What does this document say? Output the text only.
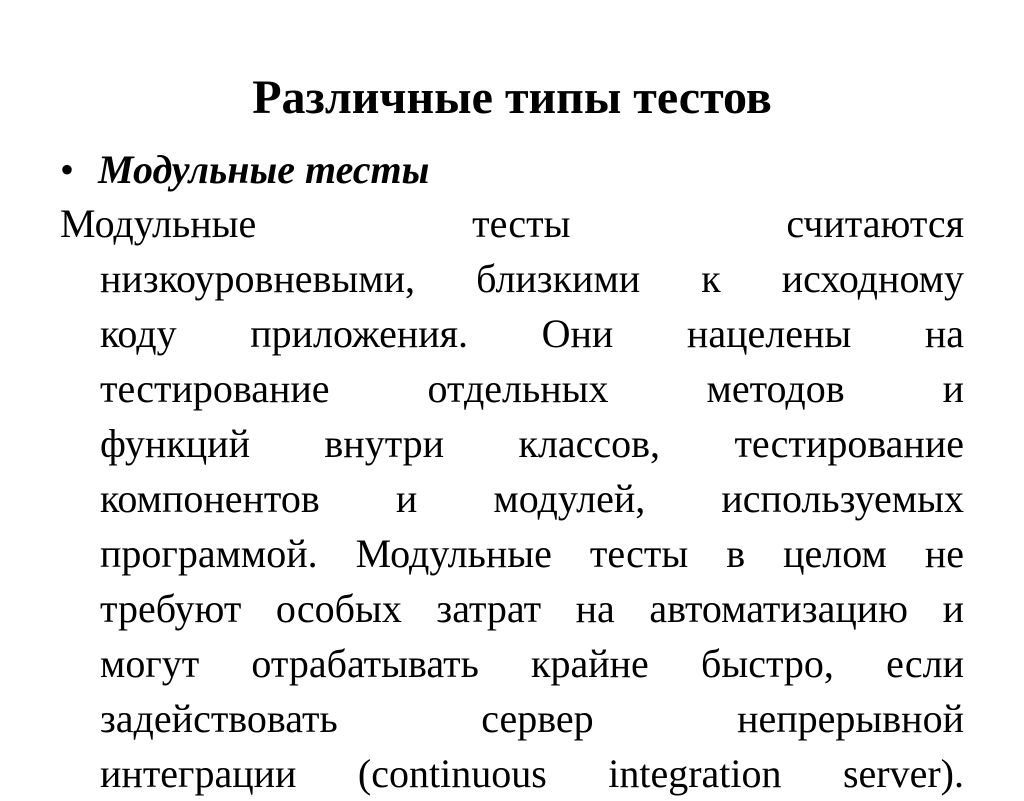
Различные типы тестов
• Модульные тесты
Модульные тесты считаются
низкоуровневыми, близкими к исходному
коду приложения. Они нацелены на
тестирование отдельных методов и
функций внутри классов, тестирование
компонентов и модулей, используемых
программой. Модульные тесты в целом не
требуют особых затрат на автоматизацию и
могут отрабатывать крайне быстро, если
задействовать сервер непрерывной
интеграции (continuous integration server).
